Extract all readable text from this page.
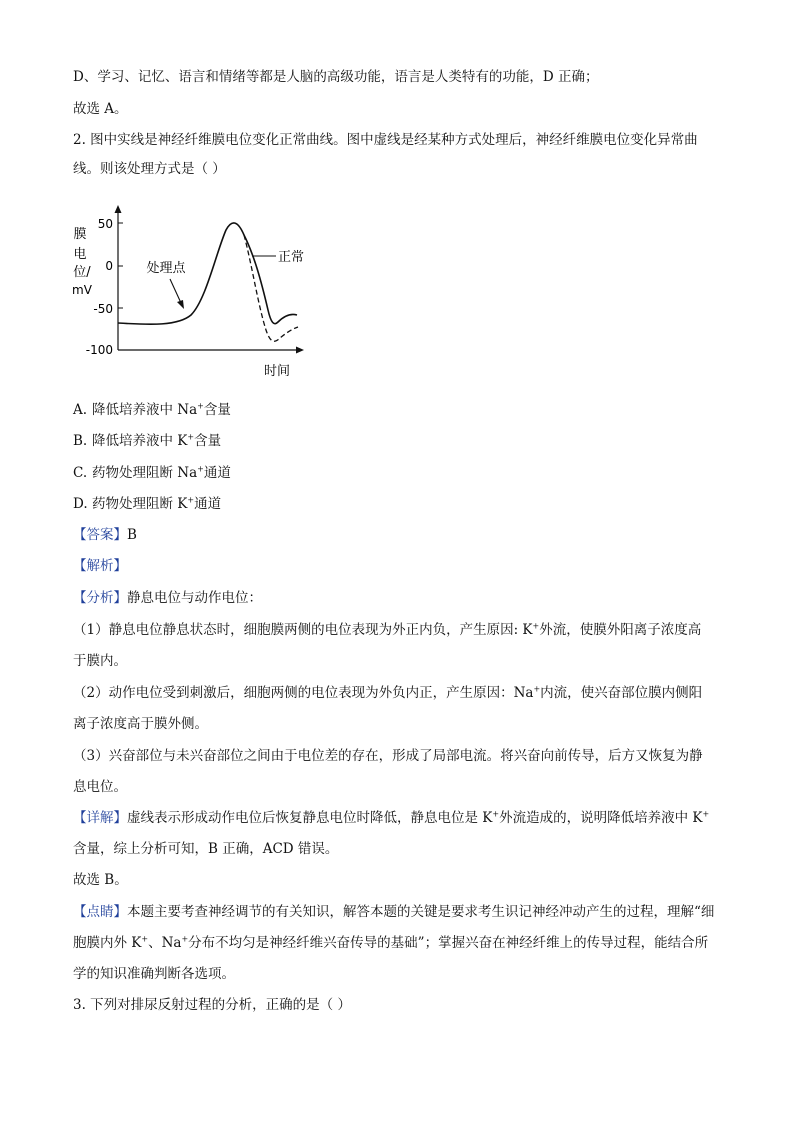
D、学习、记忆、语言和情绪等都是人脑的高级功能，语言是人类特有的功能，D 正确；
故选 A。
2. 图中实线是神经纤维膜电位变化正常曲线。图中虚线是经某种方式处理后，神经纤维膜电位变化异常曲
线。则该处理方式是（ ）
50
0
-50
-100
膜
电
位/
mV
时间
处理点
正常
A. 降低培养液中 Na+含量
B. 降低培养液中 K+含量
C. 药物处理阻断 Na+通道
D. 药物处理阻断 K+通道
【答案】B
【解析】
【分析】静息电位与动作电位：
（1）静息电位静息状态时，细胞膜两侧的电位表现为外正内负，产生原因: K+外流，使膜外阳离子浓度高
于膜内。
（2）动作电位受到刺激后，细胞两侧的电位表现为外负内正，产生原因：Na+内流，使兴奋部位膜内侧阳
离子浓度高于膜外侧。
（3）兴奋部位与未兴奋部位之间由于电位差的存在，形成了局部电流。将兴奋向前传导，后方又恢复为静
息电位。
【详解】虚线表示形成动作电位后恢复静息电位时降低，静息电位是 K+外流造成的，说明降低培养液中 K+
含量，综上分析可知，B 正确，ACD 错误。
故选 B。
【点睛】本题主要考查神经调节的有关知识，解答本题的关键是要求考生识记神经冲动产生的过程，理解“细
胞膜内外 K+、Na+分布不均匀是神经纤维兴奋传导的基础”；掌握兴奋在神经纤维上的传导过程，能结合所
学的知识准确判断各选项。
3. 下列对排尿反射过程的分析，正确的是（ ）
